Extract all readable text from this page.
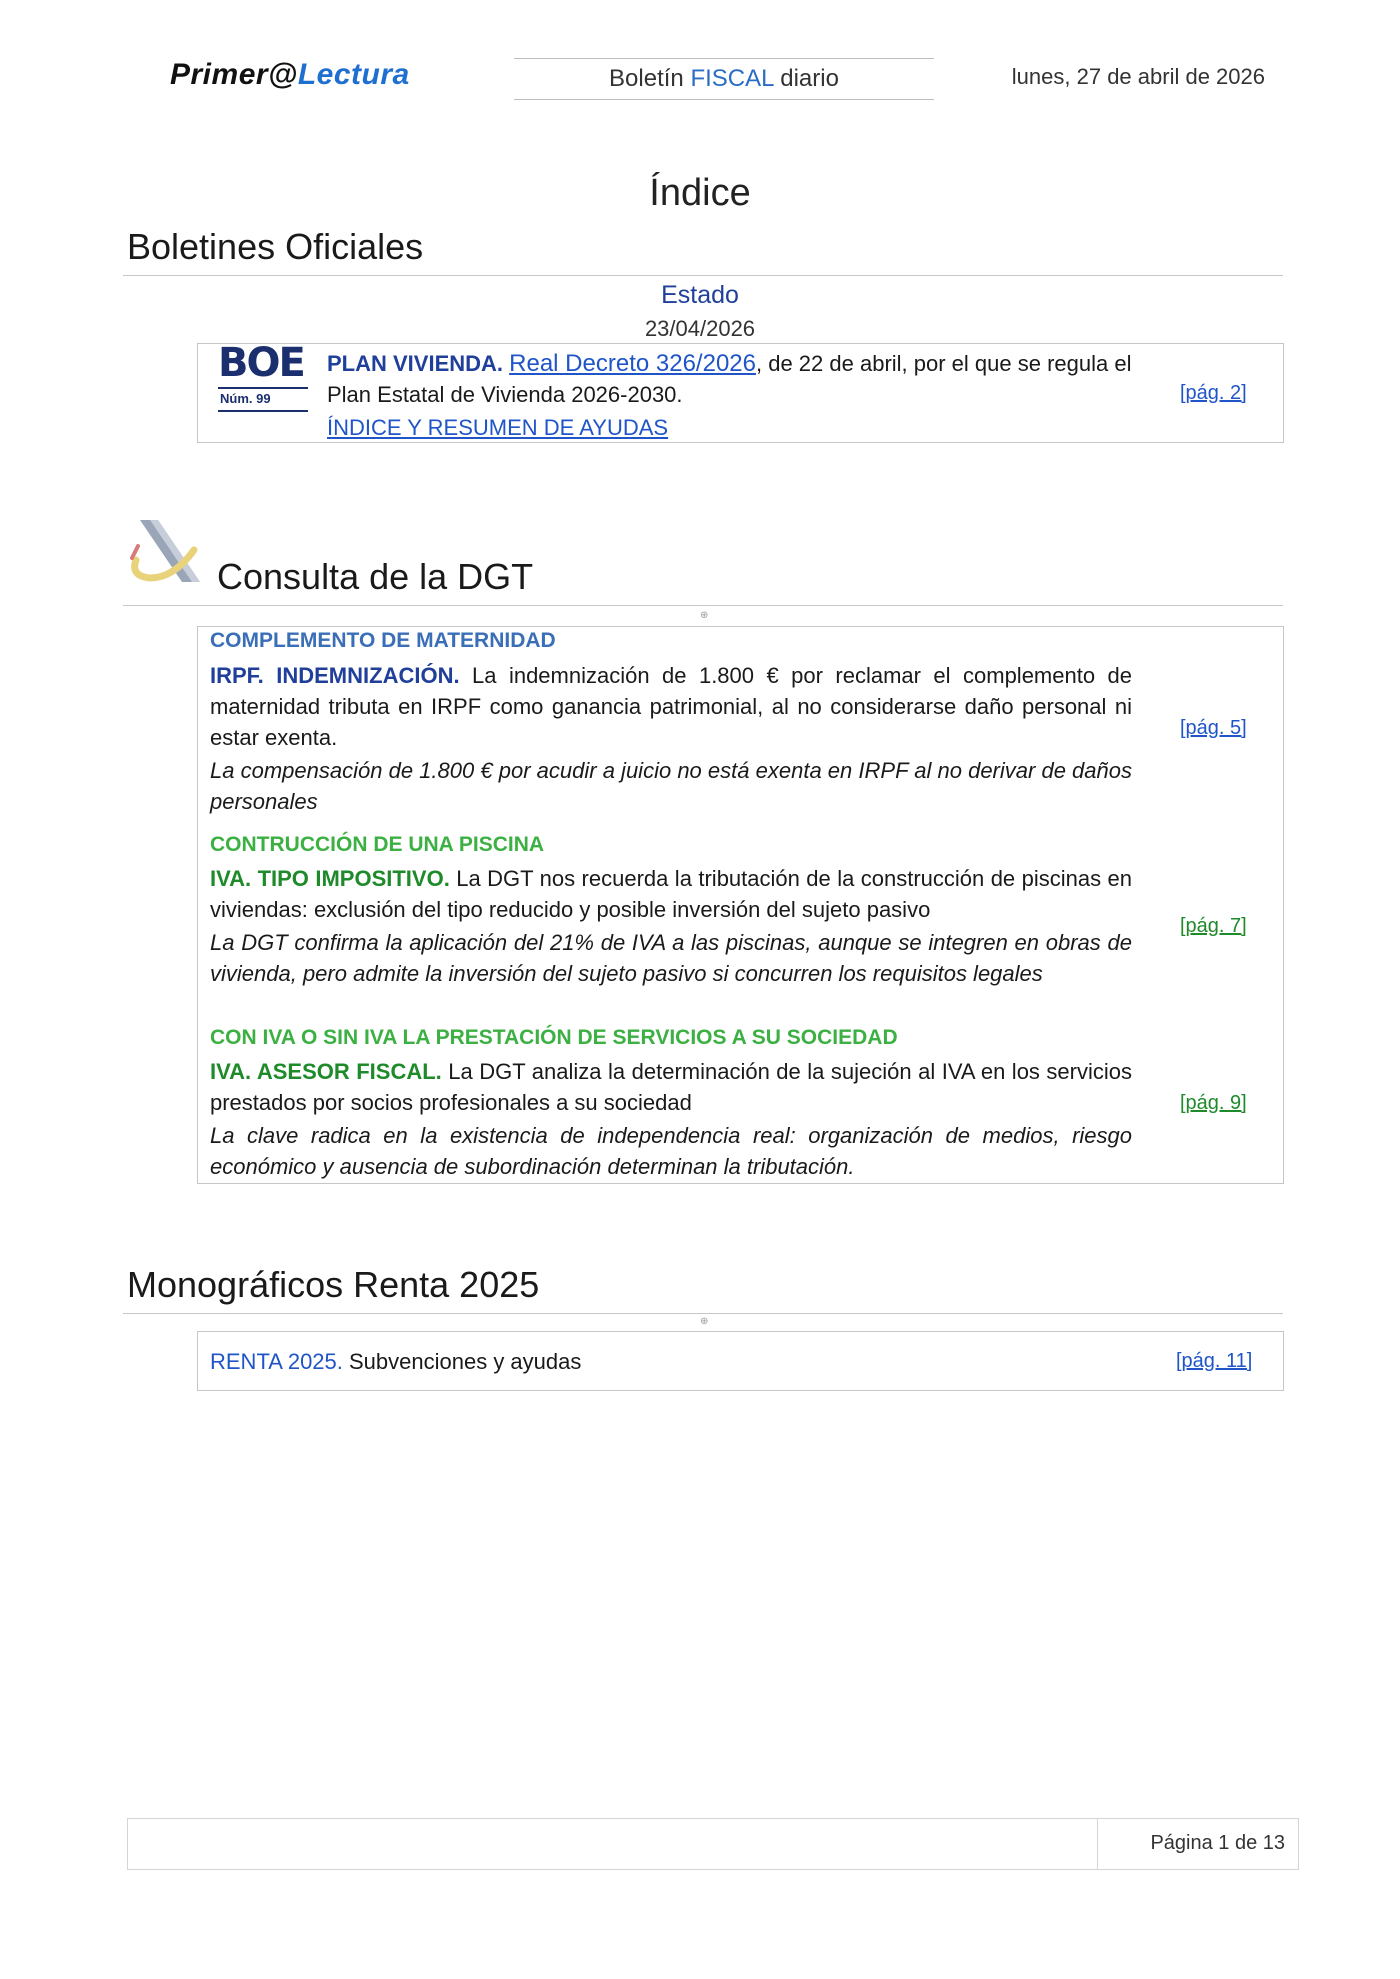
Primer@Lectura	Boletín FISCAL diario	lunes, 27 de abril de 2026
Índice
Boletines Oficiales
Estado
23/04/2026
BOE
Núm. 99
PLAN VIVIENDA. Real Decreto 326/2026, de 22 de abril, por el que se regula el Plan Estatal de Vivienda 2026-2030.
ÍNDICE Y RESUMEN DE AYUDAS
[pág. 2]
Consulta de la DGT
⊕
COMPLEMENTO DE MATERNIDAD
IRPF. INDEMNIZACIÓN. La indemnización de 1.800 € por reclamar el complemento de maternidad tributa en IRPF como ganancia patrimonial, al no considerarse daño personal ni estar exenta.
La compensación de 1.800 € por acudir a juicio no está exenta en IRPF al no derivar de daños personales
[pág. 5]
CONTRUCCIÓN DE UNA PISCINA
IVA. TIPO IMPOSITIVO. La DGT nos recuerda la tributación de la construcción de piscinas en viviendas: exclusión del tipo reducido y posible inversión del sujeto pasivo
La DGT confirma la aplicación del 21% de IVA a las piscinas, aunque se integren en obras de vivienda, pero admite la inversión del sujeto pasivo si concurren los requisitos legales
[pág. 7]
CON IVA O SIN IVA LA PRESTACIÓN DE SERVICIOS A SU SOCIEDAD
IVA. ASESOR FISCAL. La DGT analiza la determinación de la sujeción al IVA en los servicios prestados por socios profesionales a su sociedad
La clave radica en la existencia de independencia real: organización de medios, riesgo económico y ausencia de subordinación determinan la tributación.
[pág. 9]
Monográficos Renta 2025
⊕
RENTA 2025. Subvenciones y ayudas	[pág. 11]
Página 1 de 13
